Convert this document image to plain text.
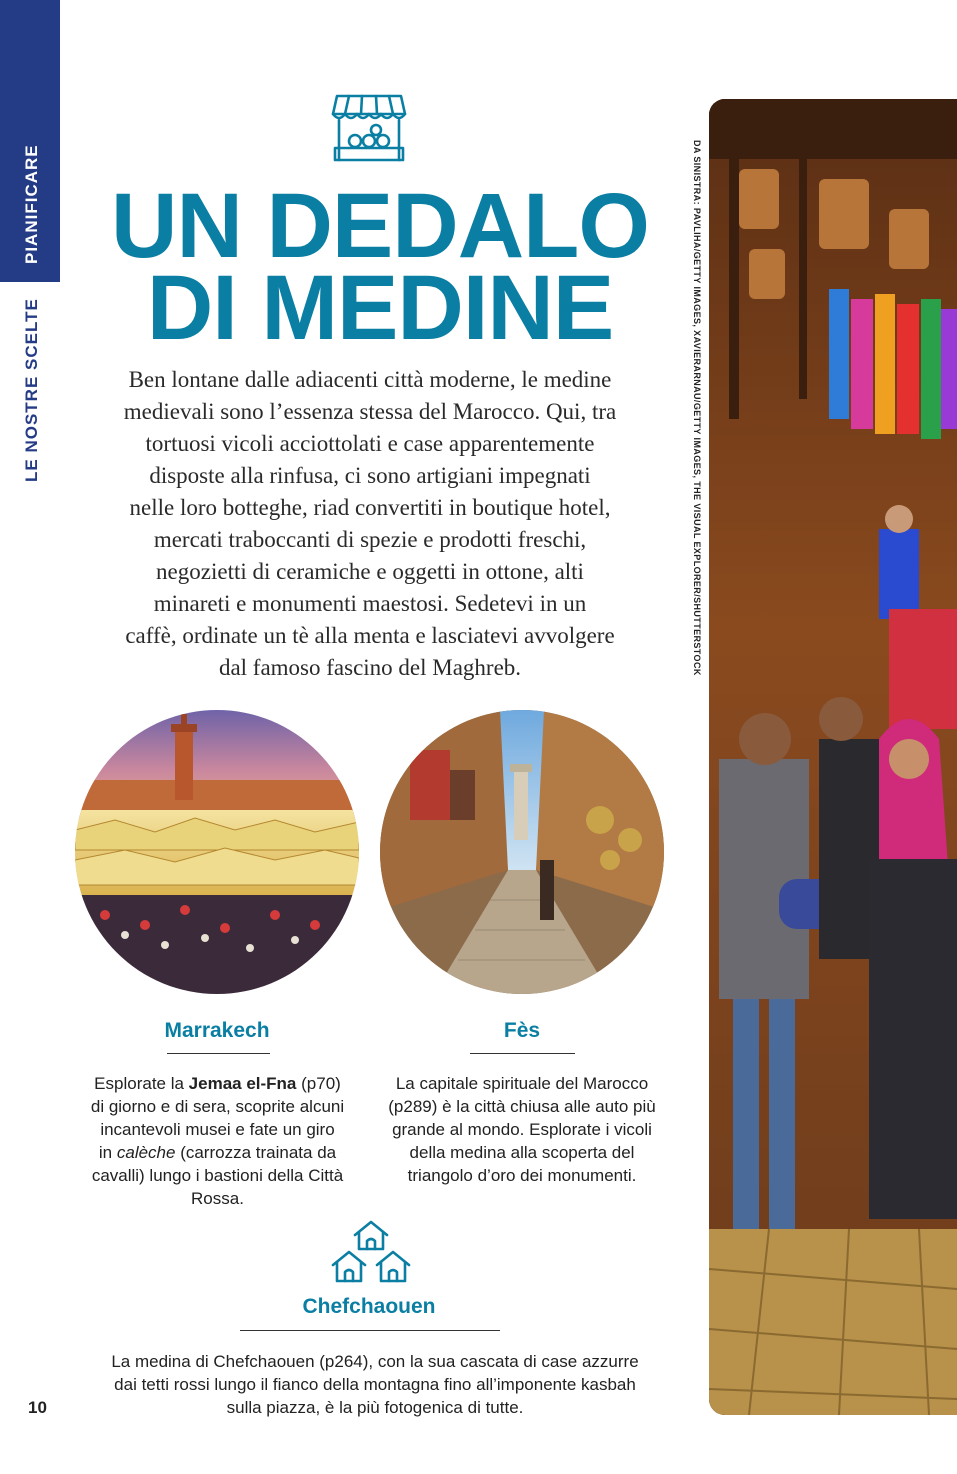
PIANIFICARE
LE NOSTRE SCELTE
UN DEDALO
DI MEDINE
Ben lontane dalle adiacenti città moderne, le medine
medievali sono l’essenza stessa del Marocco. Qui, tra
tortuosi vicoli acciottolati e case apparentemente
disposte alla rinfusa, ci sono artigiani impegnati
nelle loro botteghe, riad convertiti in boutique hotel,
mercati traboccanti di spezie e prodotti freschi,
negozietti di ceramiche e oggetti in ottone, alti
minareti e monumenti maestosi. Sedetevi in un
caffè, ordinate un tè alla menta e lasciatevi avvolgere
dal famoso fascino del Maghreb.
Marrakech
Esplorate la Jemaa el-Fna (p70)
di giorno e di sera, scoprite alcuni
incantevoli musei e fate un giro
in calèche (carrozza trainata da
cavalli) lungo i bastioni della Città
Rossa.
Fès
La capitale spirituale del Marocco
(p289) è la città chiusa alle auto più
grande al mondo. Esplorate i vicoli
della medina alla scoperta del
triangolo d’oro dei monumenti.
Chefchaouen
La medina di Chefchaouen (p264), con la sua cascata di case azzurre
dai tetti rossi lungo il fianco della montagna fino all’imponente kasbah
sulla piazza, è la più fotogenica di tutte.
10
DA SINISTRA: PAVLIHA/GETTY IMAGES, XAVIERARNAU/GETTY IMAGES, THE VISUAL EXPLORER/SHUTTERSTOCK
